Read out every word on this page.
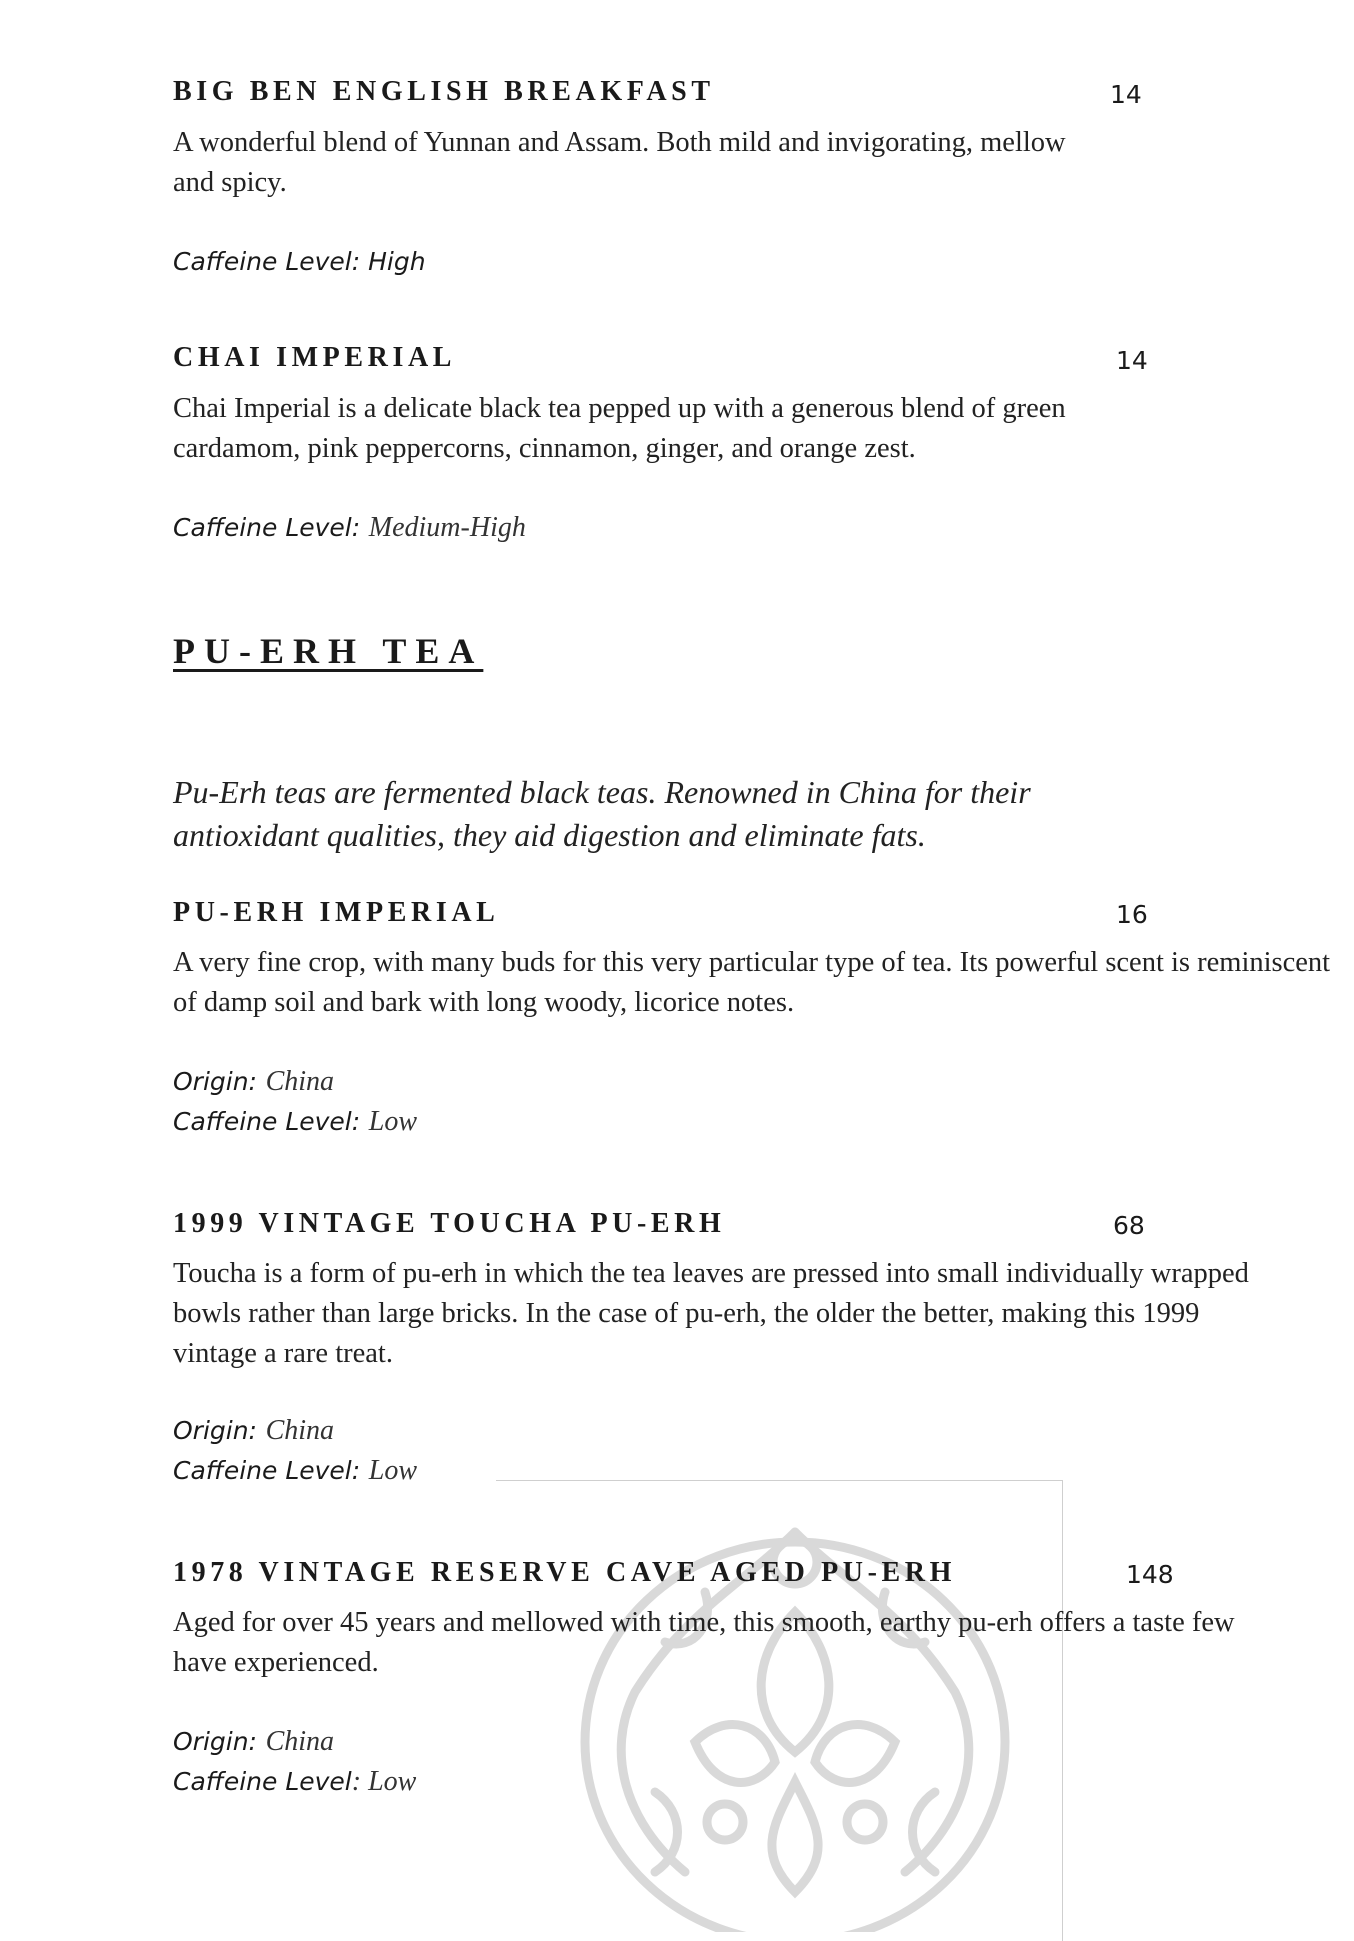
BIG BEN ENGLISH BREAKFAST	14
A wonderful blend of Yunnan and Assam. Both mild and invigorating, mellow and spicy.
Caffeine Level: High
CHAI IMPERIAL	14
Chai Imperial is a delicate black tea pepped up with a generous blend of green cardamom, pink peppercorns, cinnamon, ginger, and orange zest.
Caffeine Level: Medium-High
PU-ERH TEA
Pu-Erh teas are fermented black teas. Renowned in China for their antioxidant qualities, they aid digestion and eliminate fats.
PU-ERH IMPERIAL	16
A very fine crop, with many buds for this very particular type of tea. Its powerful scent is reminiscent of damp soil and bark with long woody, licorice notes.
Origin: China
Caffeine Level: Low
1999 VINTAGE TOUCHA PU-ERH	68
Toucha is a form of pu-erh in which the tea leaves are pressed into small individually wrapped bowls rather than large bricks. In the case of pu-erh, the older the better, making this 1999 vintage a rare treat.
Origin: China
Caffeine Level: Low
1978 VINTAGE RESERVE CAVE AGED PU-ERH	148
Aged for over 45 years and mellowed with time, this smooth, earthy pu-erh offers a taste few have experienced.
Origin: China
Caffeine Level: Low
